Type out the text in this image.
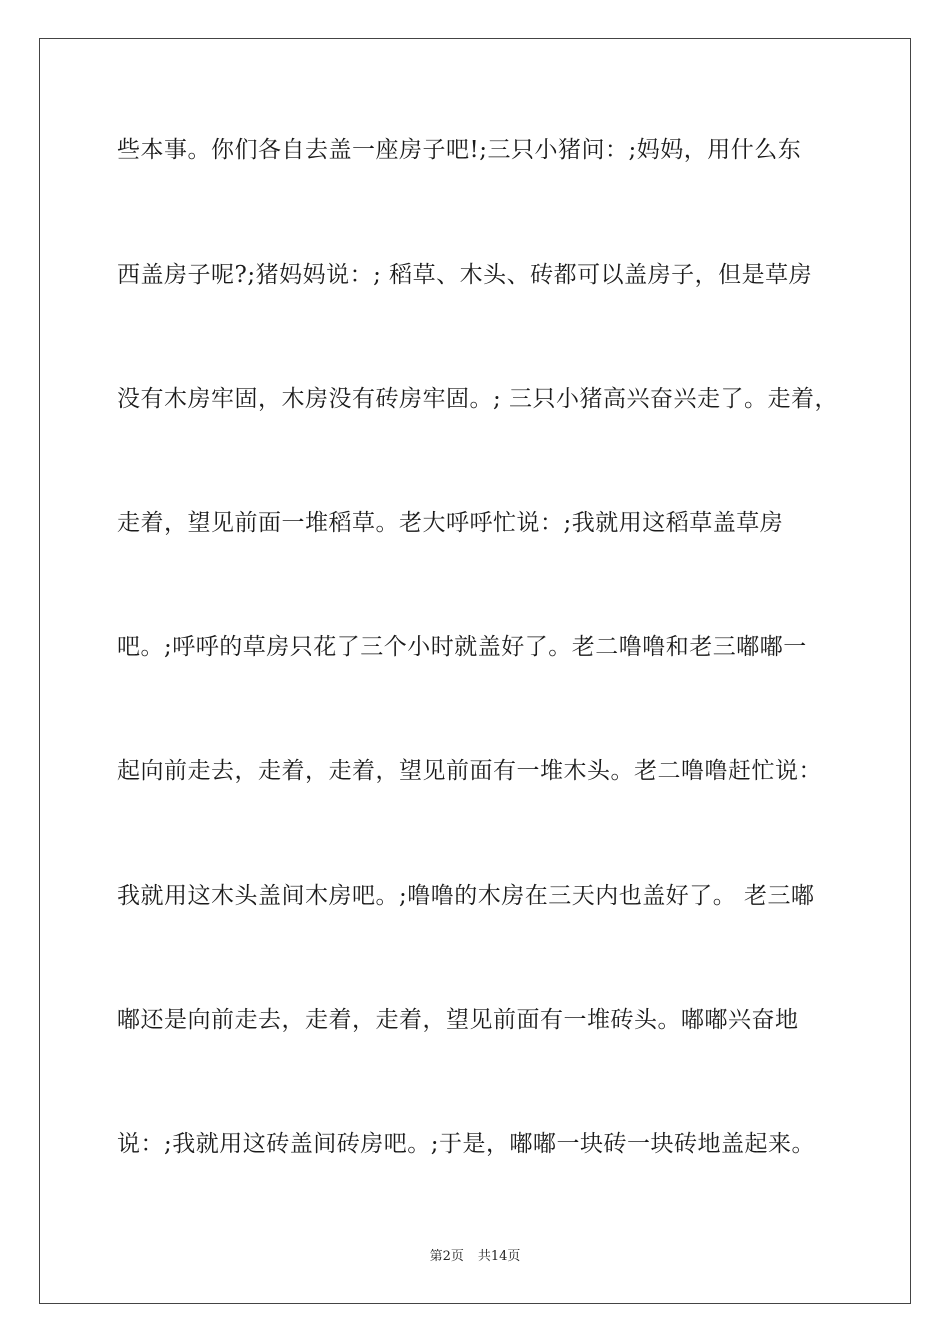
些本事。你们各自去盖一座房子吧!;三只小猪问：;妈妈，用什么东
西盖房子呢?;猪妈妈说：; 稻草、木头、砖都可以盖房子，但是草房
没有木房牢固，木房没有砖房牢固。; 三只小猪高兴奋兴走了。走着，
走着，望见前面一堆稻草。老大呼呼忙说：;我就用这稻草盖草房
吧。;呼呼的草房只花了三个小时就盖好了。老二噜噜和老三嘟嘟一
起向前走去，走着，走着，望见前面有一堆木头。老二噜噜赶忙说：
我就用这木头盖间木房吧。;噜噜的木房在三天内也盖好了。 老三嘟
嘟还是向前走去，走着，走着，望见前面有一堆砖头。嘟嘟兴奋地
说：;我就用这砖盖间砖房吧。;于是，嘟嘟一块砖一块砖地盖起来。
第2页 共14页
